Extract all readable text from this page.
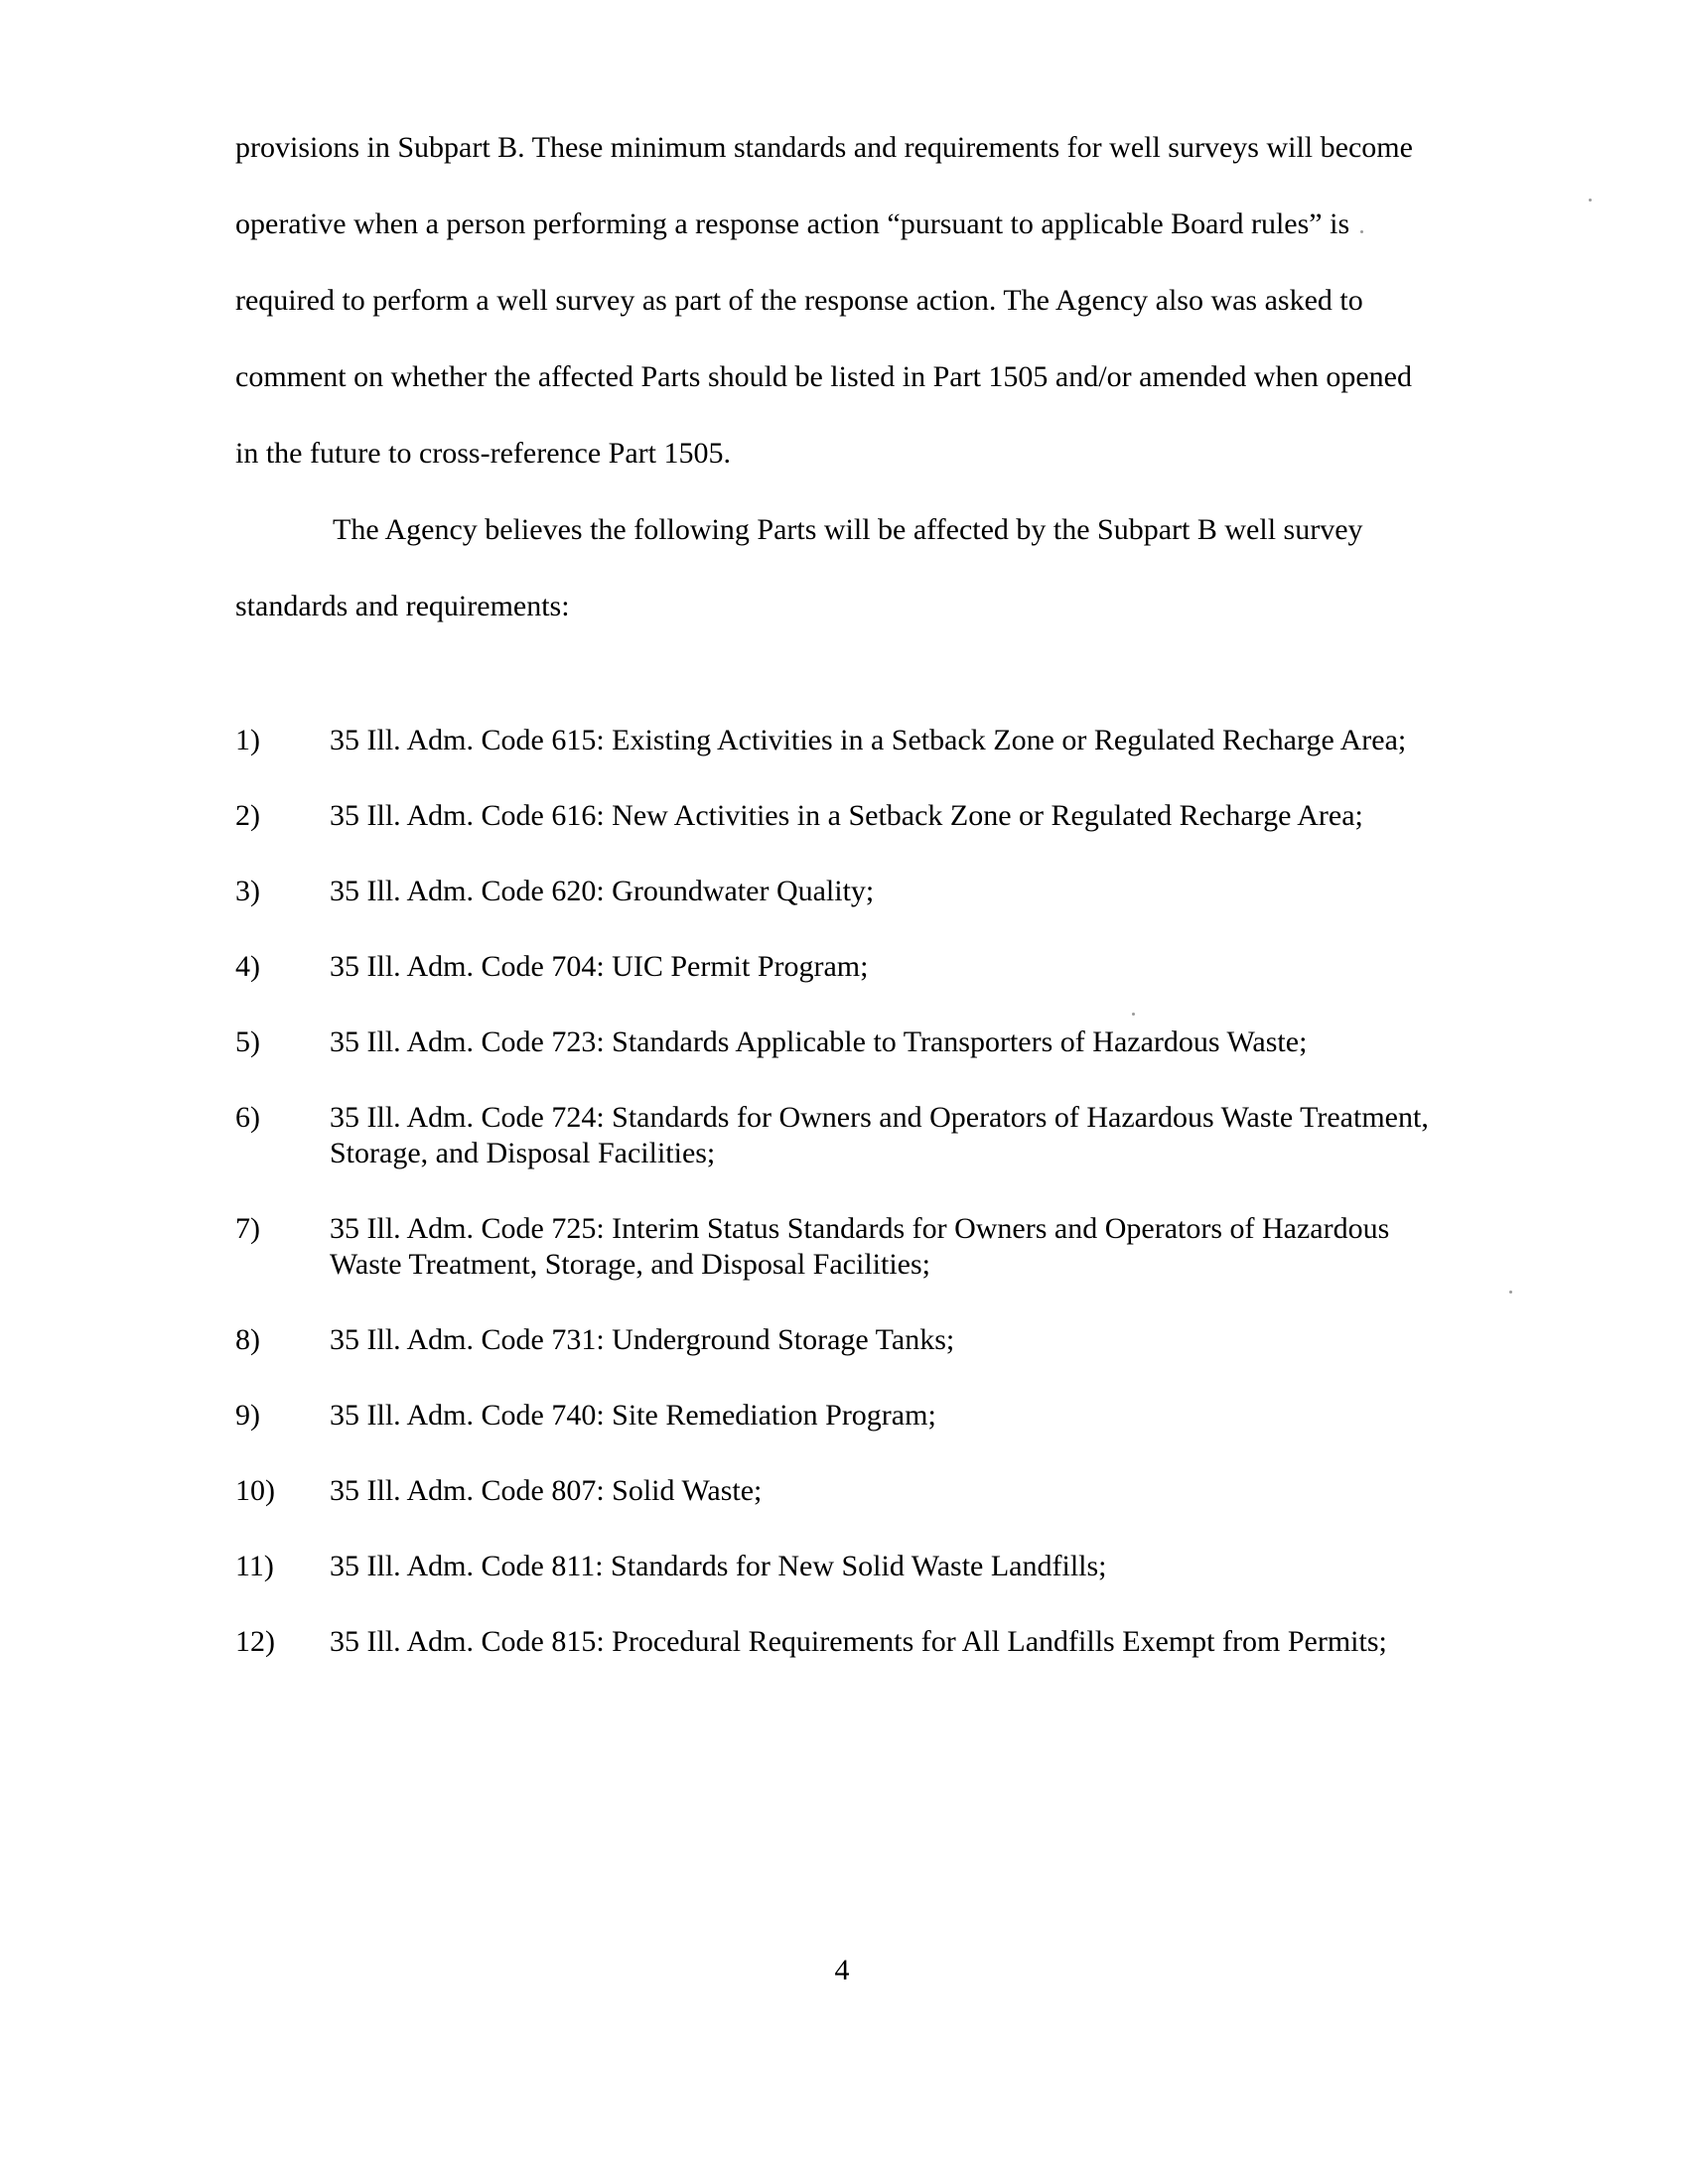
provisions in Subpart B. These minimum standards and requirements for well surveys will become operative when a person performing a response action “pursuant to applicable Board rules” is required to perform a well survey as part of the response action. The Agency also was asked to comment on whether the affected Parts should be listed in Part 1505 and/or amended when opened in the future to cross-reference Part 1505.

The Agency believes the following Parts will be affected by the Subpart B well survey standards and requirements:

1)	35 Ill. Adm. Code 615: Existing Activities in a Setback Zone or Regulated Recharge Area;
2)	35 Ill. Adm. Code 616: New Activities in a Setback Zone or Regulated Recharge Area;
3)	35 Ill. Adm. Code 620: Groundwater Quality;
4)	35 Ill. Adm. Code 704: UIC Permit Program;
5)	35 Ill. Adm. Code 723: Standards Applicable to Transporters of Hazardous Waste;
6)	35 Ill. Adm. Code 724: Standards for Owners and Operators of Hazardous Waste Treatment, Storage, and Disposal Facilities;
7)	35 Ill. Adm. Code 725: Interim Status Standards for Owners and Operators of Hazardous Waste Treatment, Storage, and Disposal Facilities;
8)	35 Ill. Adm. Code 731: Underground Storage Tanks;
9)	35 Ill. Adm. Code 740: Site Remediation Program;
10)	35 Ill. Adm. Code 807: Solid Waste;
11)	35 Ill. Adm. Code 811: Standards for New Solid Waste Landfills;
12)	35 Ill. Adm. Code 815: Procedural Requirements for All Landfills Exempt from Permits;
4
